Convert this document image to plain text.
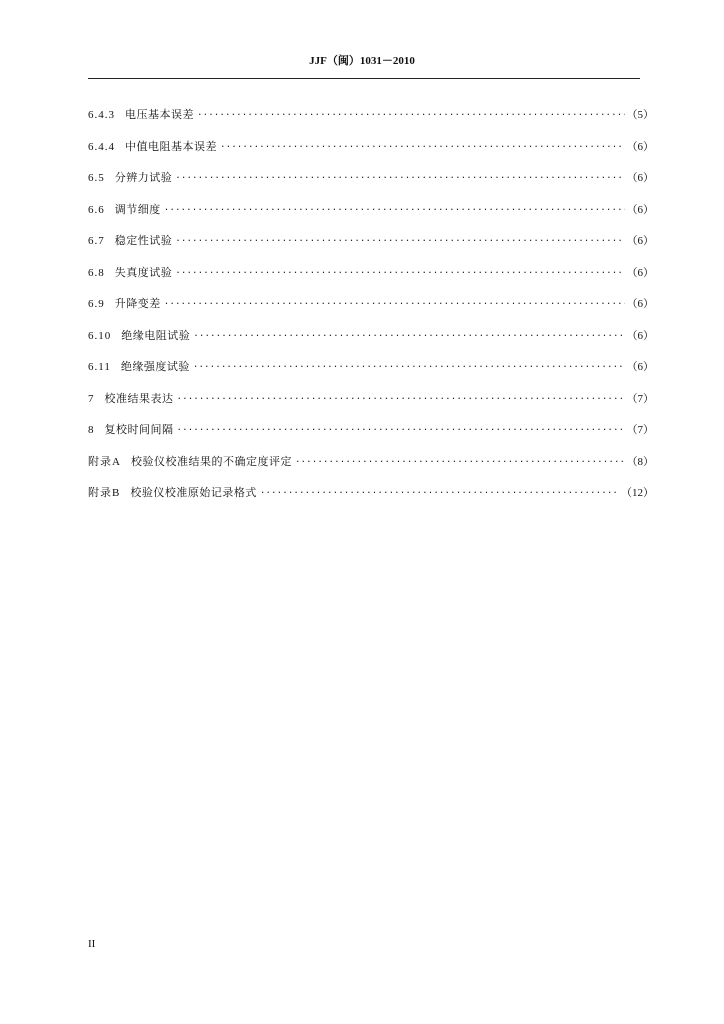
JJF（闽）1031－2010
6.4.3 电压基本误差 ·····	（5）
6.4.4 中值电阻基本误差 ·····	（6）
6.5 分辨力试验 ·····	（6）
6.6 调节细度 ·····	（6）
6.7 稳定性试验 ·····	（6）
6.8 失真度试验 ·····	（6）
6.9 升降变差 ·····	（6）
6.10 绝缘电阻试验 ·····	（6）
6.11 绝缘强度试验 ·····	（6）
7 校准结果表达 ·····	（7）
8 复校时间间隔 ·····	（7）
附录A 校验仪校准结果的不确定度评定 ·····	（8）
附录B 校验仪校准原始记录格式 ·····	（12）
II
